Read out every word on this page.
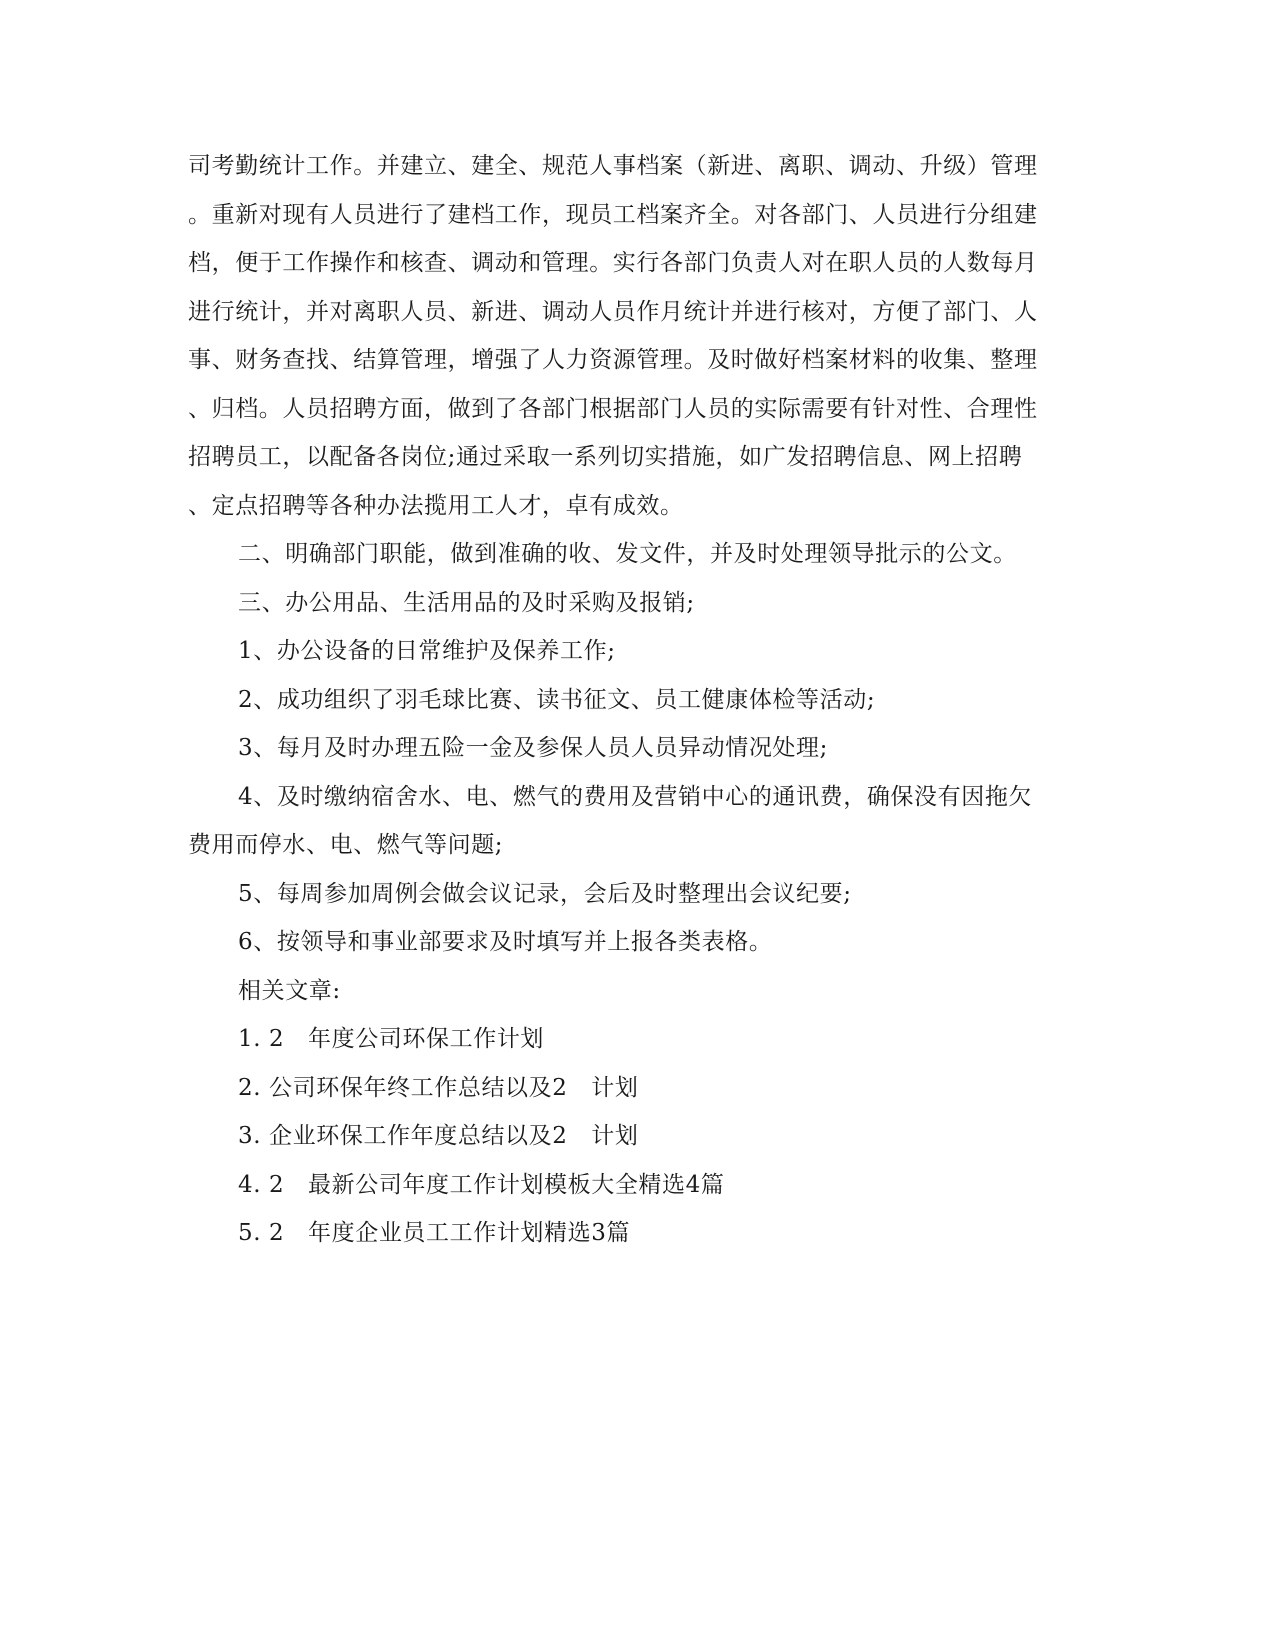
司考勤统计工作。并建立、建全、规范人事档案（新进、离职、调动、升级）管理
。重新对现有人员进行了建档工作，现员工档案齐全。对各部门、人员进行分组建
档，便于工作操作和核查、调动和管理。实行各部门负责人对在职人员的人数每月
进行统计，并对离职人员、新进、调动人员作月统计并进行核对，方便了部门、人
事、财务查找、结算管理，增强了人力资源管理。及时做好档案材料的收集、整理
、归档。人员招聘方面，做到了各部门根据部门人员的实际需要有针对性、合理性
招聘员工，以配备各岗位;通过采取一系列切实措施，如广发招聘信息、网上招聘
、定点招聘等各种办法揽用工人才，卓有成效。
二、明确部门职能，做到准确的收、发文件，并及时处理领导批示的公文。
三、办公用品、生活用品的及时采购及报销;
1、办公设备的日常维护及保养工作;
2、成功组织了羽毛球比赛、读书征文、员工健康体检等活动;
3、每月及时办理五险一金及参保人员人员异动情况处理;
4、及时缴纳宿舍水、电、燃气的费用及营销中心的通讯费，确保没有因拖欠
费用而停水、电、燃气等问题;
5、每周参加周例会做会议记录，会后及时整理出会议纪要;
6、按领导和事业部要求及时填写并上报各类表格。
相关文章:
1. 2   年度公司环保工作计划
2. 公司环保年终工作总结以及2   计划
3. 企业环保工作年度总结以及2   计划
4. 2   最新公司年度工作计划模板大全精选4篇
5. 2   年度企业员工工作计划精选3篇
